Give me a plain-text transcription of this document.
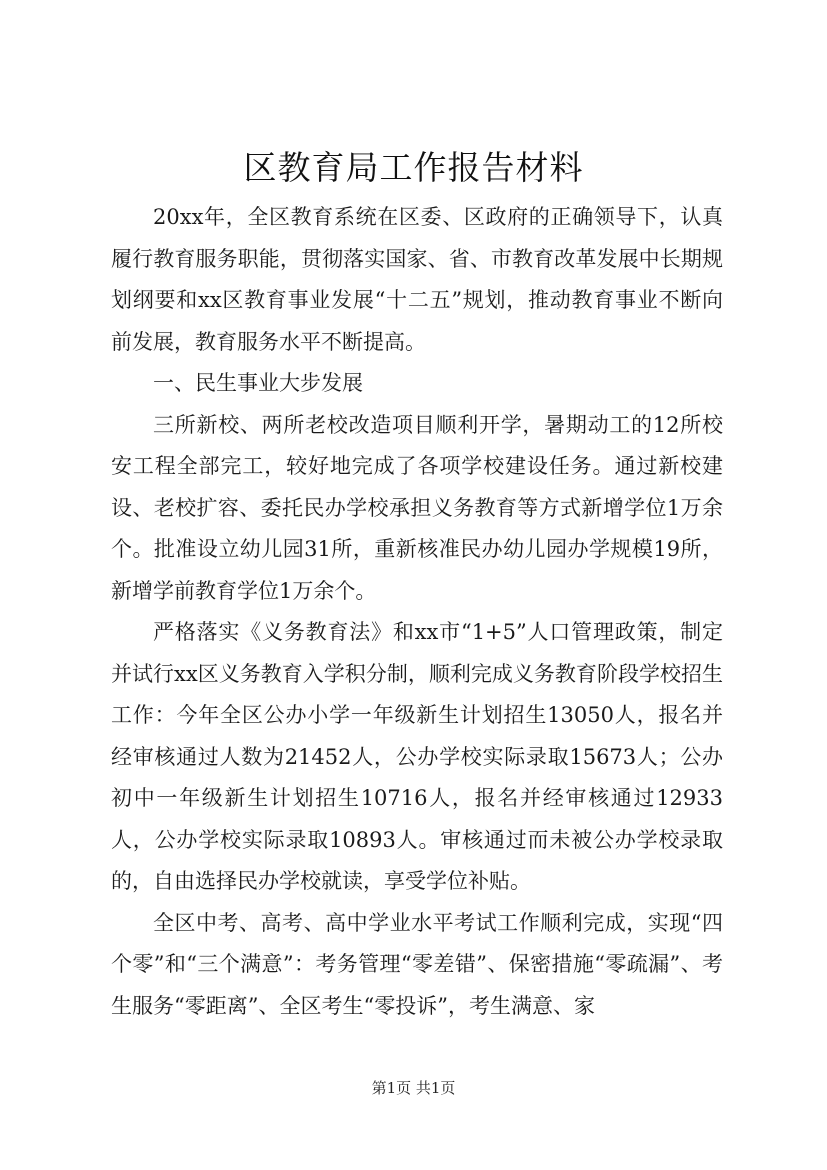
区教育局工作报告材料

20xx年，全区教育系统在区委、区政府的正确领导下，认真履行教育服务职能，贯彻落实国家、省、市教育改革发展中长期规划纲要和xx区教育事业发展“十二五”规划，推动教育事业不断向前发展，教育服务水平不断提高。

一、民生事业大步发展

三所新校、两所老校改造项目顺利开学，暑期动工的12所校安工程全部完工，较好地完成了各项学校建设任务。通过新校建设、老校扩容、委托民办学校承担义务教育等方式新增学位1万余个。批准设立幼儿园31所，重新核准民办幼儿园办学规模19所，新增学前教育学位1万余个。

严格落实《义务教育法》和xx市“1+5”人口管理政策，制定并试行xx区义务教育入学积分制，顺利完成义务教育阶段学校招生工作：今年全区公办小学一年级新生计划招生13050人，报名并经审核通过人数为21452人，公办学校实际录取15673人；公办初中一年级新生计划招生10716人，报名并经审核通过12933人，公办学校实际录取10893人。审核通过而未被公办学校录取的，自由选择民办学校就读，享受学位补贴。

全区中考、高考、高中学业水平考试工作顺利完成，实现“四个零”和“三个满意”：考务管理“零差错”、保密措施“零疏漏”、考生服务“零距离”、全区考生“零投诉”，考生满意、家

第1页 共1页
